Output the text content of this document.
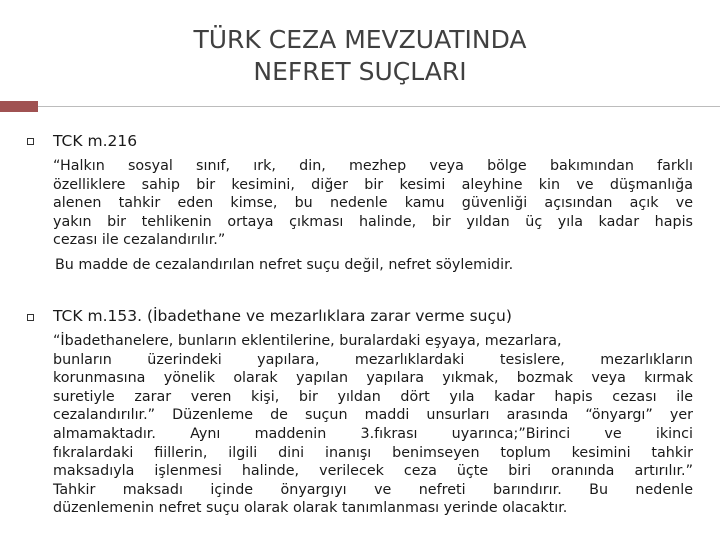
TÜRK CEZA MEVZUATINDA
NEFRET SUÇLARI
TCK m.216
“Halkın sosyal sınıf, ırk, din, mezhep veya bölge bakımından farklı
özelliklere sahip bir kesimini, diğer bir kesimi aleyhine kin ve düşmanlığa
alenen tahkir eden kimse, bu nedenle kamu güvenliği açısından açık ve
yakın bir tehlikenin ortaya çıkması halinde, bir yıldan üç yıla kadar hapis
cezası ile cezalandırılır.”
Bu madde de cezalandırılan nefret suçu değil, nefret söylemidir.
TCK m.153. (İbadethane ve mezarlıklara zarar verme suçu)
“İbadethanelere, bunların eklentilerine, buralardaki eşyaya, mezarlara,
bunların üzerindeki yapılara, mezarlıklardaki tesislere, mezarlıkların
korunmasına yönelik olarak yapılan yapılara yıkmak, bozmak veya kırmak
suretiyle zarar veren kişi, bir yıldan dört yıla kadar hapis cezası ile
cezalandırılır.” Düzenleme de suçun maddi unsurları arasında “önyargı” yer
almamaktadır. Aynı maddenin 3.fıkrası uyarınca;”Birinci ve ikinci
fıkralardaki fiillerin, ilgili dini inanışı benimseyen toplum kesimini tahkir
maksadıyla işlenmesi halinde, verilecek ceza üçte biri oranında artırılır.”
Tahkir maksadı içinde önyargıyı ve nefreti barındırır. Bu nedenle
düzenlemenin nefret suçu olarak olarak tanımlanması yerinde olacaktır.
